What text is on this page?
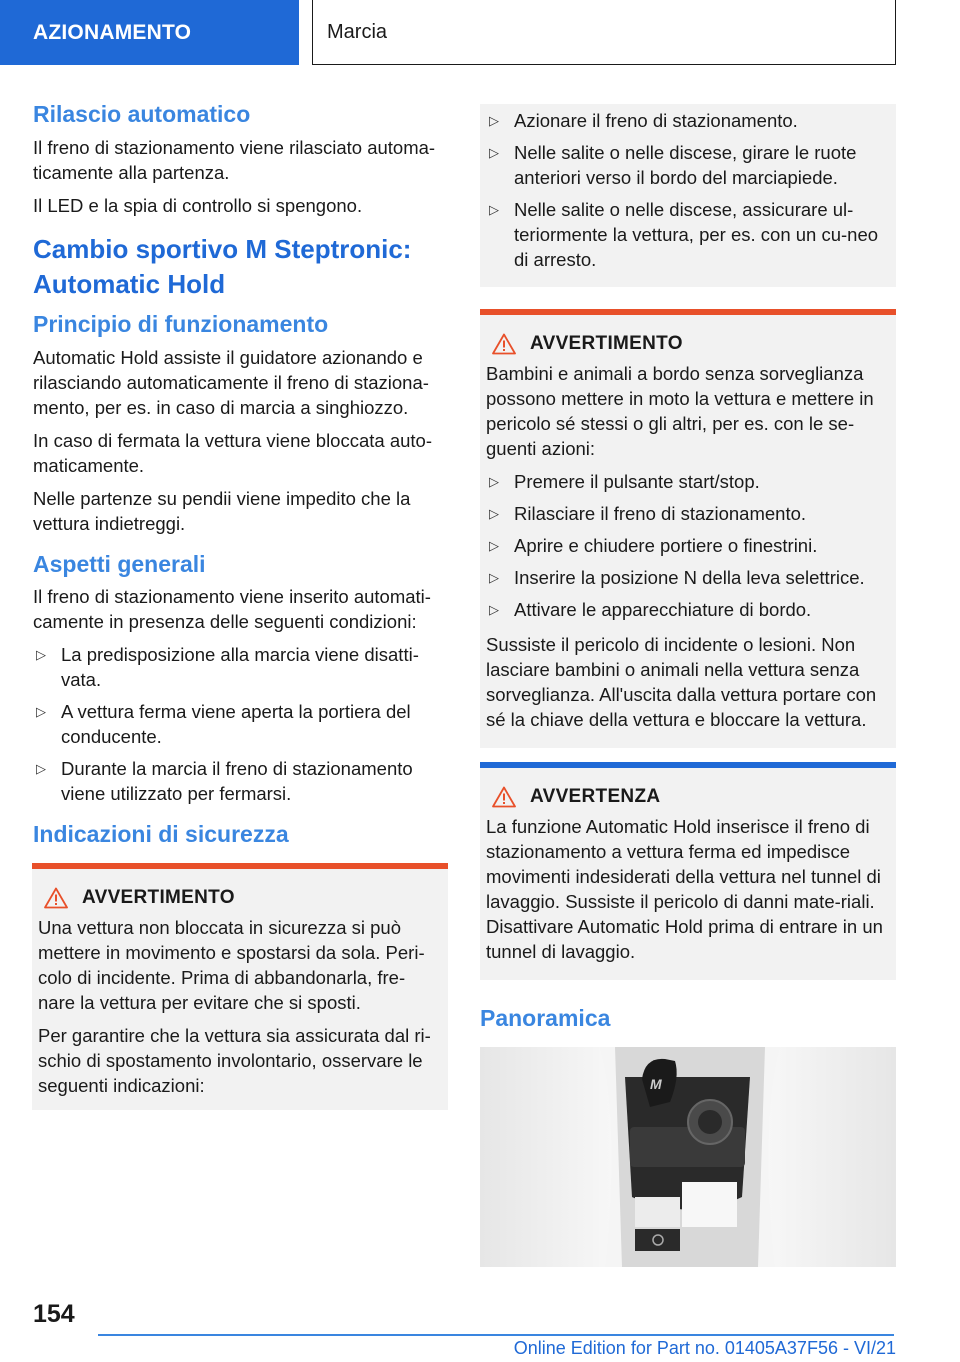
AZIONAMENTO	Marcia
Rilascio automatico

Il freno di stazionamento viene rilasciato automa-ticamente alla partenza.

Il LED e la spia di controllo si spengono.

Cambio sportivo M Steptronic: Automatic Hold
Principio di funzionamento

Automatic Hold assiste il guidatore azionando e rilasciando automaticamente il freno di staziona-mento, per es. in caso di marcia a singhiozzo.

In caso di fermata la vettura viene bloccata auto-maticamente.

Nelle partenze su pendii viene impedito che la vettura indietreggi.

Aspetti generali

Il freno di stazionamento viene inserito automati-camente in presenza delle seguenti condizioni:

▷ La predisposizione alla marcia viene disatti-vata.
▷ A vettura ferma viene aperta la portiera del conducente.
▷ Durante la marcia il freno di stazionamento viene utilizzato per fermarsi.
Indicazioni di sicurezza
AVVERTIMENTO

Una vettura non bloccata in sicurezza si può mettere in movimento e spostarsi da sola. Peri-colo di incidente. Prima di abbandonarla, fre-nare la vettura per evitare che si sposti.

Per garantire che la vettura sia assicurata dal ri-schio di spostamento involontario, osservare le seguenti indicazioni:

▷ Azionare il freno di stazionamento.
▷ Nelle salite o nelle discese, girare le ruote anteriori verso il bordo del marciapiede.
▷ Nelle salite o nelle discese, assicurare ul-teriormente la vettura, per es. con un cu-neo di arresto.
AVVERTIMENTO

Bambini e animali a bordo senza sorveglianza possono mettere in moto la vettura e mettere in pericolo sé stessi o gli altri, per es. con le se-guenti azioni:

▷ Premere il pulsante start/stop.
▷ Rilasciare il freno di stazionamento.
▷ Aprire e chiudere portiere o finestrini.
▷ Inserire la posizione N della leva selettrice.
▷ Attivare le apparecchiature di bordo.

Sussiste il pericolo di incidente o lesioni. Non lasciare bambini o animali nella vettura senza sorveglianza. All'uscita dalla vettura portare con sé la chiave della vettura e bloccare la vettura.

AVVERTENZA

La funzione Automatic Hold inserisce il freno di stazionamento a vettura ferma ed impedisce movimenti indesiderati della vettura nel tunnel di lavaggio. Sussiste il pericolo di danni mate-riali. Disattivare Automatic Hold prima di entrare in un tunnel di lavaggio.

Panoramica
M
154
Online Edition for Part no. 01405A37F56 - VI/21
